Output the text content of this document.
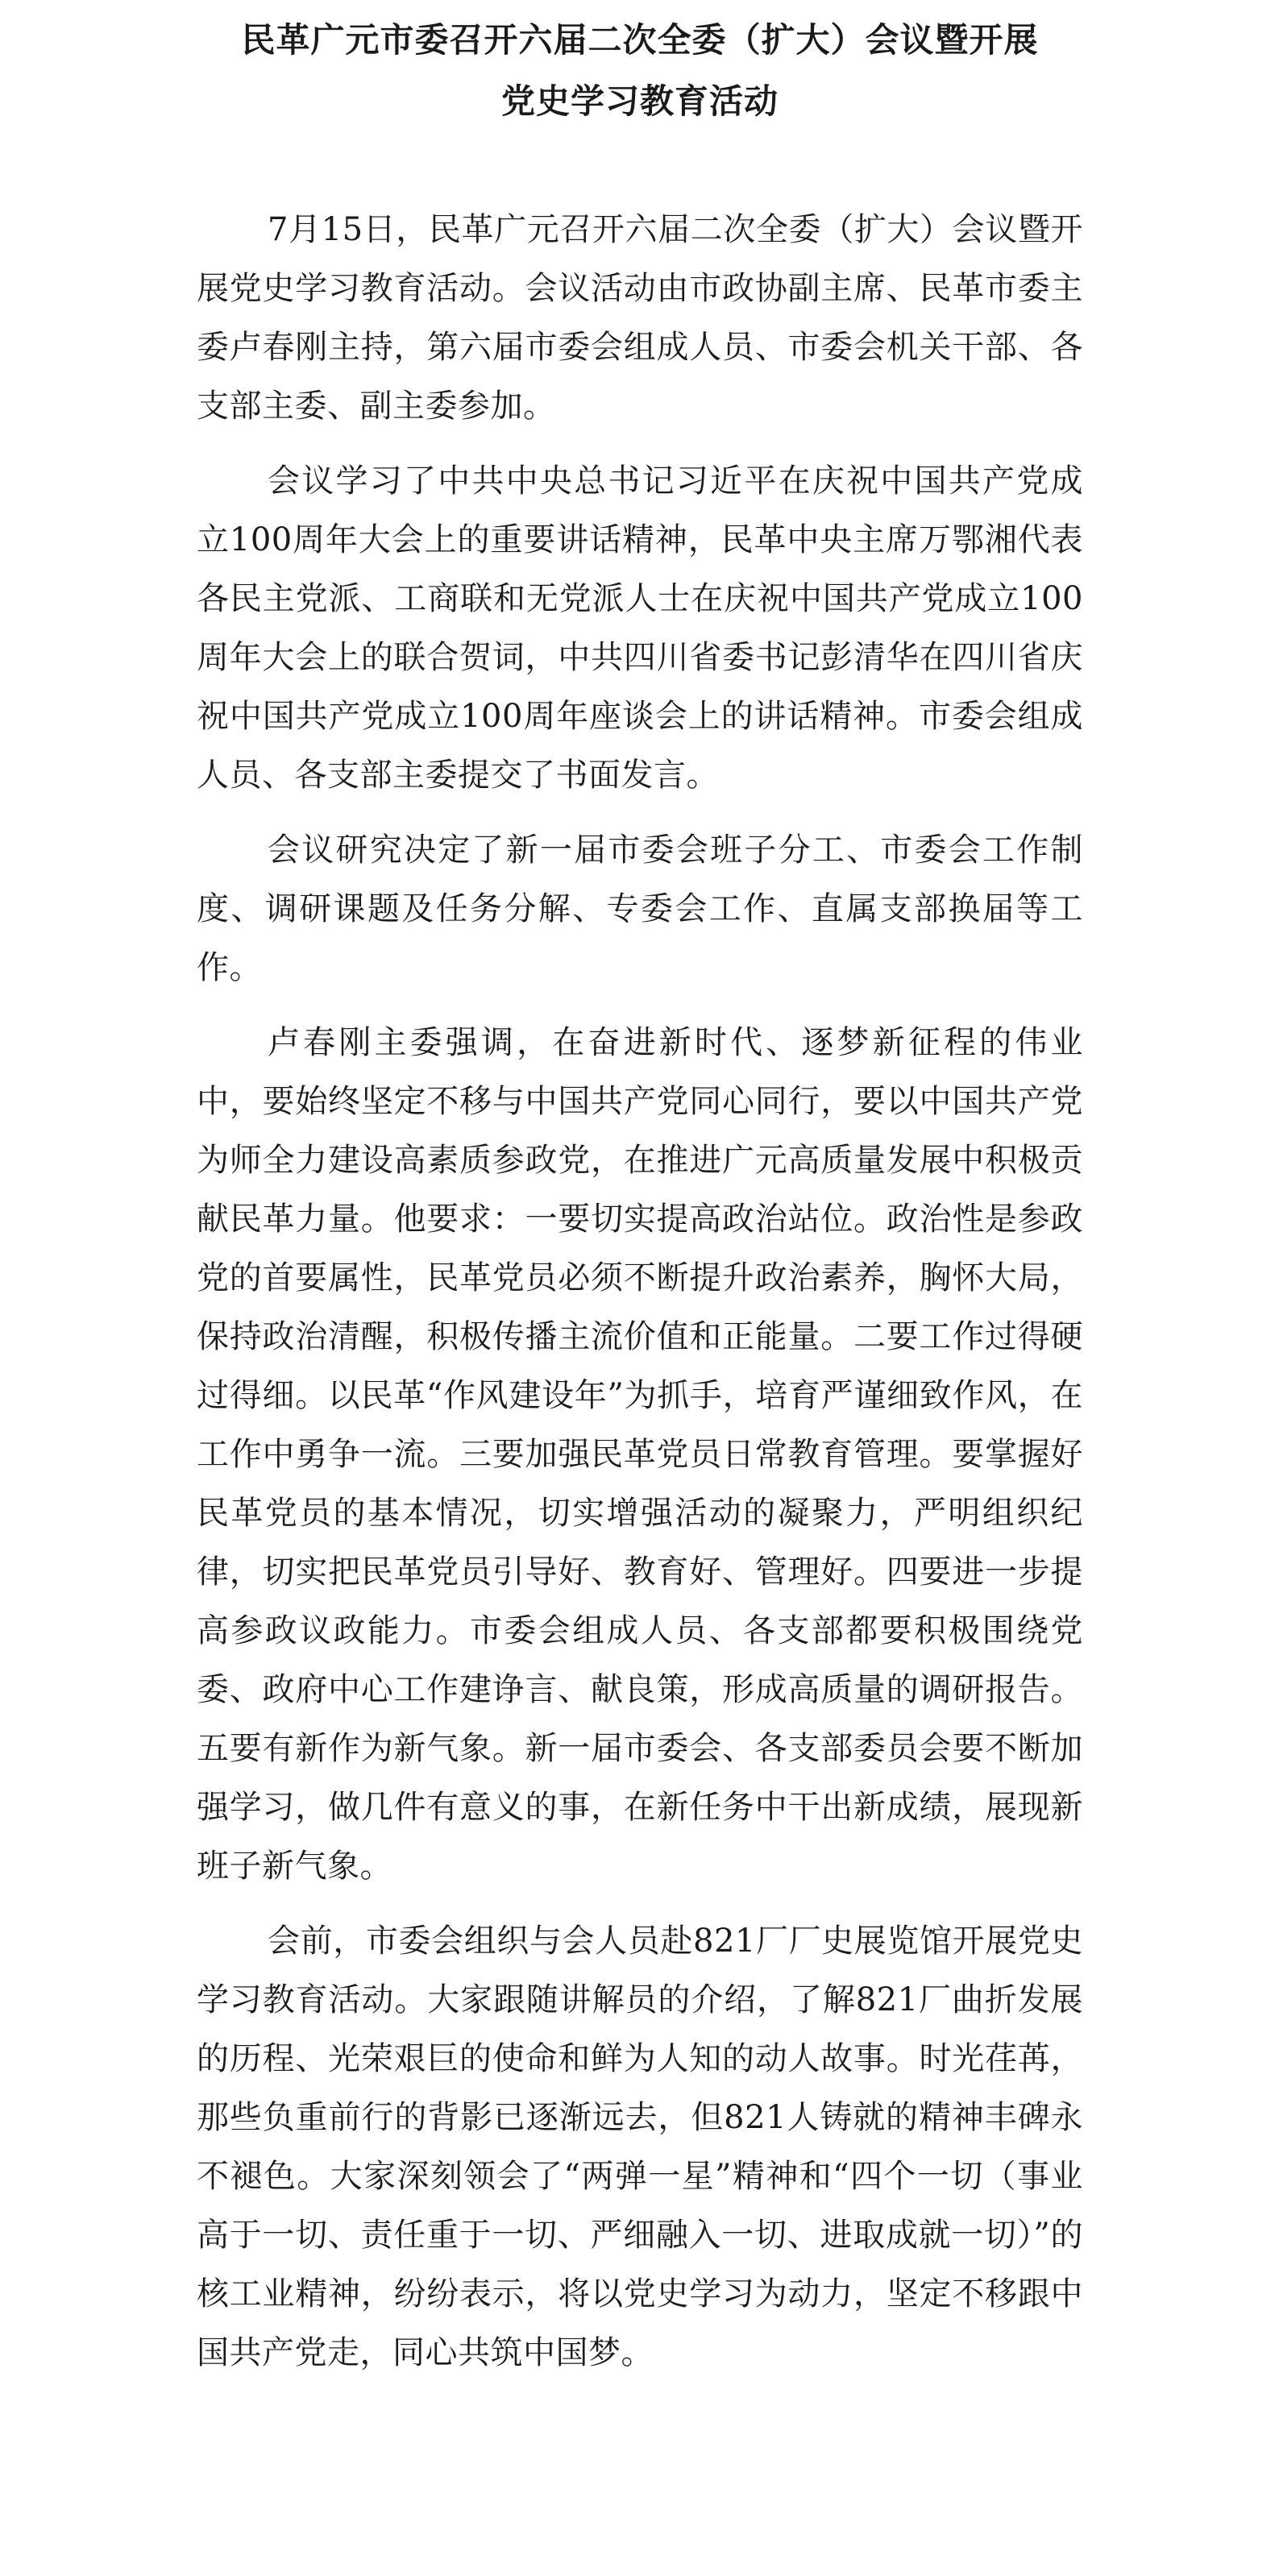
民革广元市委召开六届二次全委（扩大）会议暨开展
党史学习教育活动

7月15日，民革广元召开六届二次全委（扩大）会议暨开展党史学习教育活动。会议活动由市政协副主席、民革市委主委卢春刚主持，第六届市委会组成人员、市委会机关干部、各支部主委、副主委参加。

会议学习了中共中央总书记习近平在庆祝中国共产党成立100周年大会上的重要讲话精神，民革中央主席万鄂湘代表各民主党派、工商联和无党派人士在庆祝中国共产党成立100周年大会上的联合贺词，中共四川省委书记彭清华在四川省庆祝中国共产党成立100周年座谈会上的讲话精神。市委会组成人员、各支部主委提交了书面发言。

会议研究决定了新一届市委会班子分工、市委会工作制度、调研课题及任务分解、专委会工作、直属支部换届等工作。

卢春刚主委强调，在奋进新时代、逐梦新征程的伟业中，要始终坚定不移与中国共产党同心同行，要以中国共产党为师全力建设高素质参政党，在推进广元高质量发展中积极贡献民革力量。他要求：一要切实提高政治站位。政治性是参政党的首要属性，民革党员必须不断提升政治素养，胸怀大局，保持政治清醒，积极传播主流价值和正能量。二要工作过得硬过得细。以民革“作风建设年”为抓手，培育严谨细致作风，在工作中勇争一流。三要加强民革党员日常教育管理。要掌握好民革党员的基本情况，切实增强活动的凝聚力，严明组织纪律，切实把民革党员引导好、教育好、管理好。四要进一步提高参政议政能力。市委会组成人员、各支部都要积极围绕党委、政府中心工作建诤言、献良策，形成高质量的调研报告。五要有新作为新气象。新一届市委会、各支部委员会要不断加强学习，做几件有意义的事，在新任务中干出新成绩，展现新班子新气象。

会前，市委会组织与会人员赴821厂厂史展览馆开展党史学习教育活动。大家跟随讲解员的介绍，了解821厂曲折发展的历程、光荣艰巨的使命和鲜为人知的动人故事。时光荏苒，那些负重前行的背影已逐渐远去，但821人铸就的精神丰碑永不褪色。大家深刻领会了“两弹一星”精神和“四个一切（事业高于一切、责任重于一切、严细融入一切、进取成就一切）”的核工业精神，纷纷表示，将以党史学习为动力，坚定不移跟中国共产党走，同心共筑中国梦。
